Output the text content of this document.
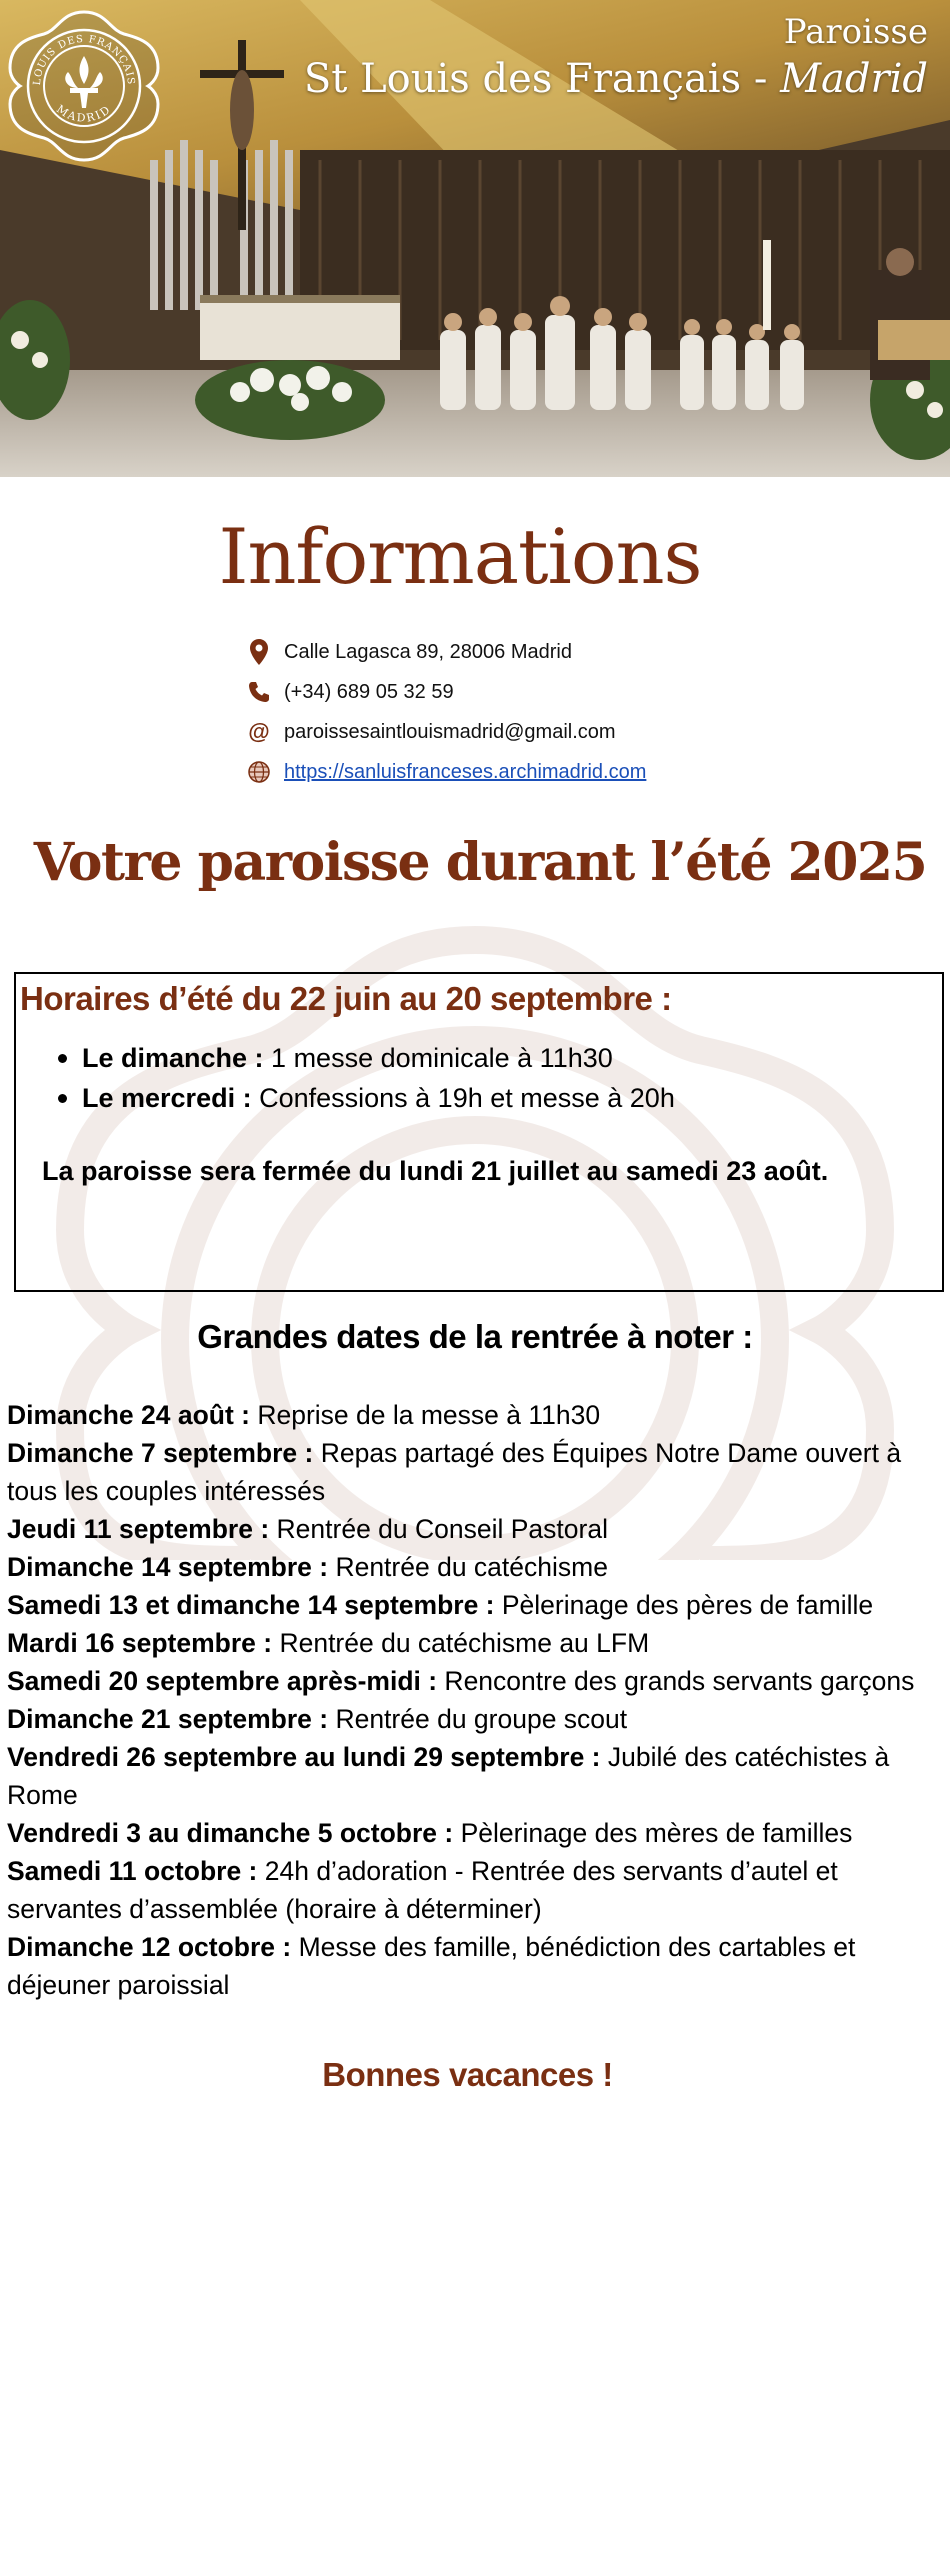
LOUIS DES FRANÇAIS
MADRID
Paroisse
St Louis des Français - Madrid
Informations
Calle Lagasca 89, 28006 Madrid
(+34) 689 05 32 59
@ paroissesaintlouismadrid@gmail.com
https://sanluisfranceses.archimadrid.com
Votre paroisse durant l’été 2025
Horaires d’été du 22 juin au 20 septembre :
Le dimanche : 1 messe dominicale à 11h30
Le mercredi : Confessions à 19h et messe à 20h
La paroisse sera fermée du lundi 21 juillet au samedi 23 août.
Grandes dates de la rentrée à noter :
Dimanche 24 août : Reprise de la messe à 11h30
Dimanche 7 septembre : Repas partagé des Équipes Notre Dame ouvert à tous les couples intéressés
Jeudi 11 septembre : Rentrée du Conseil Pastoral
Dimanche 14 septembre : Rentrée du catéchisme
Samedi 13 et dimanche 14 septembre : Pèlerinage des pères de famille
Mardi 16 septembre : Rentrée du catéchisme au LFM
Samedi 20 septembre après-midi : Rencontre des grands servants garçons
Dimanche 21 septembre : Rentrée du groupe scout
Vendredi 26 septembre au lundi 29 septembre : Jubilé des catéchistes à Rome
Vendredi 3 au dimanche 5 octobre : Pèlerinage des mères de familles
Samedi 11 octobre : 24h d’adoration - Rentrée des servants d’autel et servantes d’assemblée (horaire à déterminer)
Dimanche 12 octobre : Messe des famille, bénédiction des cartables et déjeuner paroissial
Bonnes vacances !
